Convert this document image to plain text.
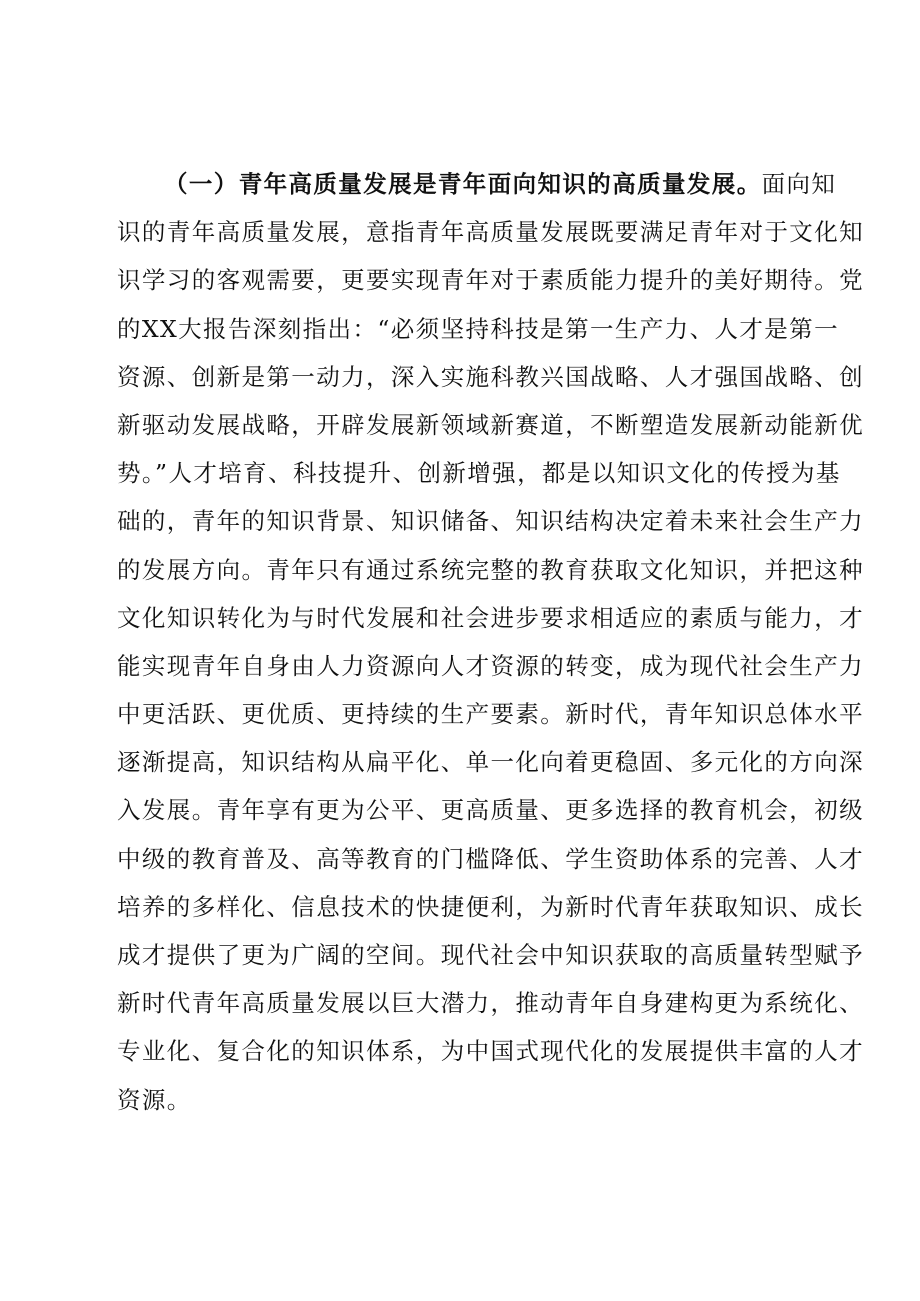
（一）青年高质量发展是青年面向知识的高质量发展。面向知
识的青年高质量发展，意指青年高质量发展既要满足青年对于文化知
识学习的客观需要，更要实现青年对于素质能力提升的美好期待。党
的XX大报告深刻指出：“必须坚持科技是第一生产力、人才是第一
资源、创新是第一动力，深入实施科教兴国战略、人才强国战略、创
新驱动发展战略，开辟发展新领域新赛道，不断塑造发展新动能新优
势。”人才培育、科技提升、创新增强，都是以知识文化的传授为基
础的，青年的知识背景、知识储备、知识结构决定着未来社会生产力
的发展方向。青年只有通过系统完整的教育获取文化知识，并把这种
文化知识转化为与时代发展和社会进步要求相适应的素质与能力，才
能实现青年自身由人力资源向人才资源的转变，成为现代社会生产力
中更活跃、更优质、更持续的生产要素。新时代，青年知识总体水平
逐渐提高，知识结构从扁平化、单一化向着更稳固、多元化的方向深
入发展。青年享有更为公平、更高质量、更多选择的教育机会，初级
中级的教育普及、高等教育的门槛降低、学生资助体系的完善、人才
培养的多样化、信息技术的快捷便利，为新时代青年获取知识、成长
成才提供了更为广阔的空间。现代社会中知识获取的高质量转型赋予
新时代青年高质量发展以巨大潜力，推动青年自身建构更为系统化、
专业化、复合化的知识体系，为中国式现代化的发展提供丰富的人才
资源。
